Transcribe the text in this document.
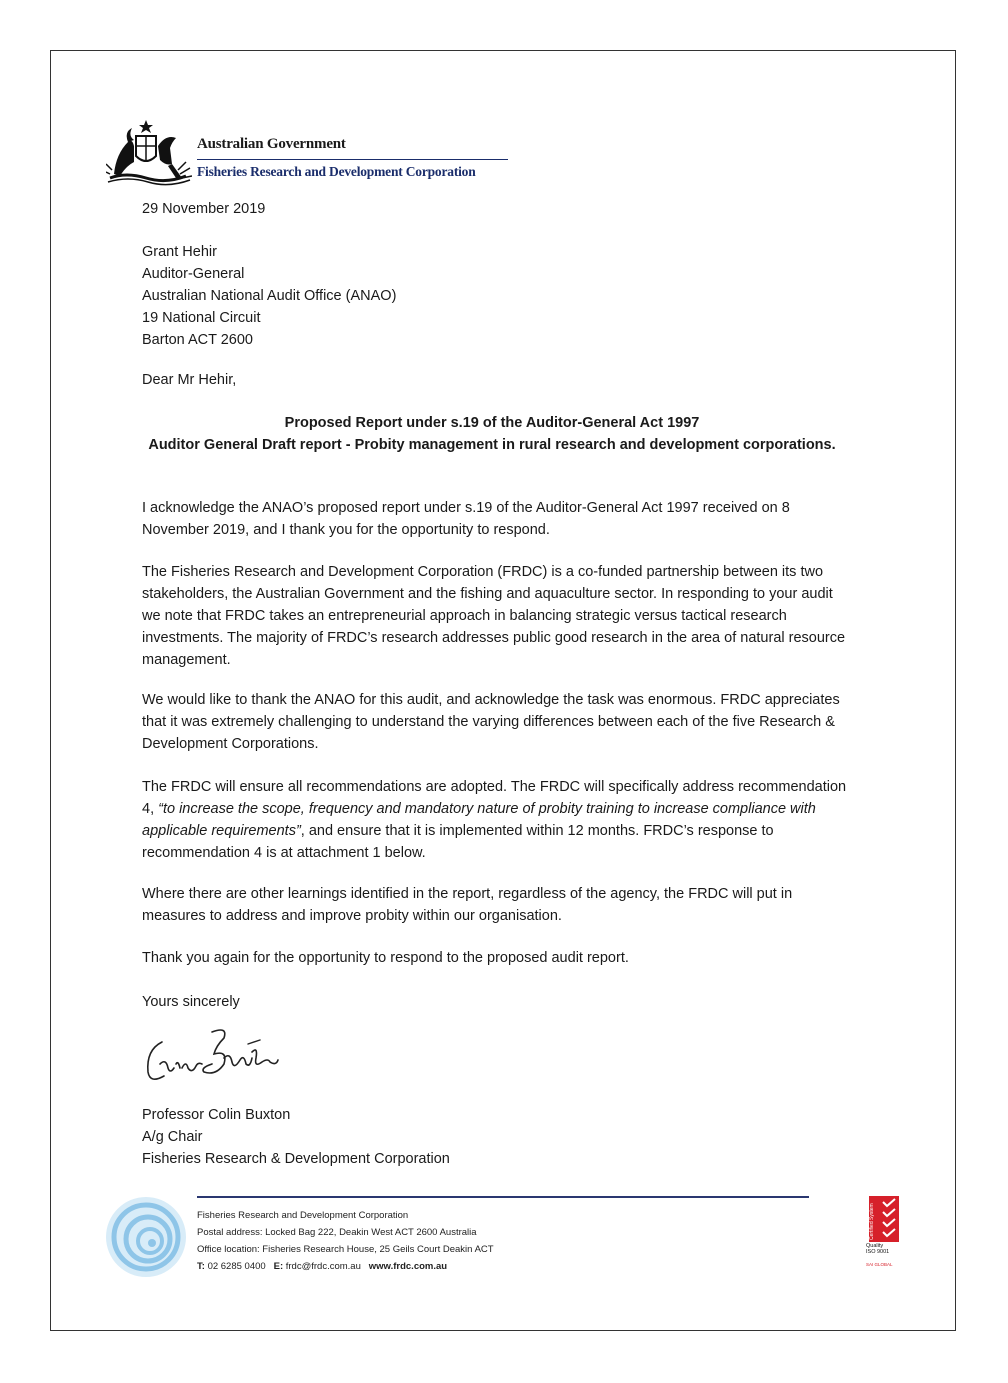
Australian Government
Fisheries Research and Development Corporation
29 November 2019
Grant Hehir
Auditor-General
Australian National Audit Office (ANAO)
19 National Circuit
Barton ACT 2600
Dear Mr Hehir,
Proposed Report under s.19 of the Auditor-General Act 1997
Auditor General Draft report - Probity management in rural research and development corporations.
I acknowledge the ANAO’s proposed report under s.19 of the Auditor-General Act 1997 received on 8 November 2019, and I thank you for the opportunity to respond.
The Fisheries Research and Development Corporation (FRDC) is a co-funded partnership between its two stakeholders, the Australian Government and the fishing and aquaculture sector. In responding to your audit we note that FRDC takes an entrepreneurial approach in balancing strategic versus tactical research investments. The majority of FRDC’s research addresses public good research in the area of natural resource management.
We would like to thank the ANAO for this audit, and acknowledge the task was enormous. FRDC appreciates that it was extremely challenging to understand the varying differences between each of the five Research & Development Corporations.
The FRDC will ensure all recommendations are adopted. The FRDC will specifically address recommendation 4, “to increase the scope, frequency and mandatory nature of probity training to increase compliance with applicable requirements”, and ensure that it is implemented within 12 months. FRDC’s response to recommendation 4 is at attachment 1 below.
Where there are other learnings identified in the report, regardless of the agency, the FRDC will put in measures to address and improve probity within our organisation.
Thank you again for the opportunity to respond to the proposed audit report.
Yours sincerely
Professor Colin Buxton
A/g Chair
Fisheries Research & Development Corporation
Fisheries Research and Development Corporation
Postal address: Locked Bag 222, Deakin West ACT 2600 Australia
Office location: Fisheries Research House, 25 Geils Court Deakin ACT
T: 02 6285 0400 E: frdc@frdc.com.au www.frdc.com.au
Certified System
Quality
ISO 9001
SAI GLOBAL
